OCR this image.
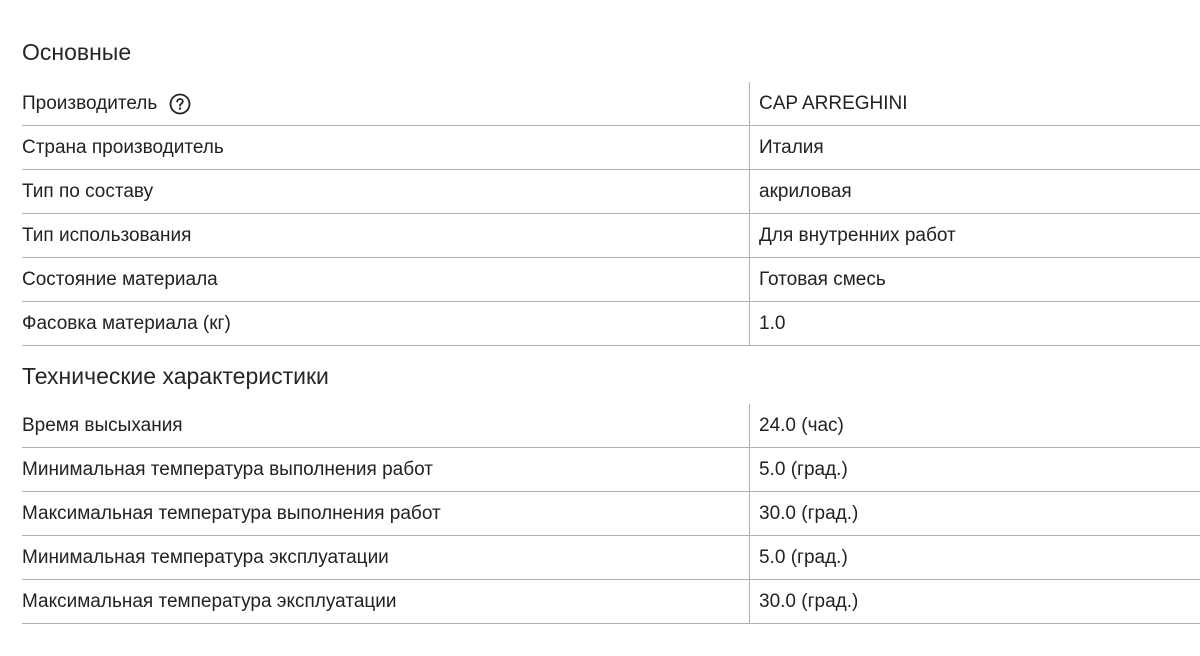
Основные
Производитель	CAP ARREGHINI
Страна производитель	Италия
Тип по составу	акриловая
Тип использования	Для внутренних работ
Состояние материала	Готовая смесь
Фасовка материала (кг)	1.0
Технические характеристики
Время высыхания	24.0 (час)
Минимальная температура выполнения работ	5.0 (град.)
Максимальная температура выполнения работ	30.0 (град.)
Минимальная температура эксплуатации	5.0 (град.)
Максимальная температура эксплуатации	30.0 (град.)
